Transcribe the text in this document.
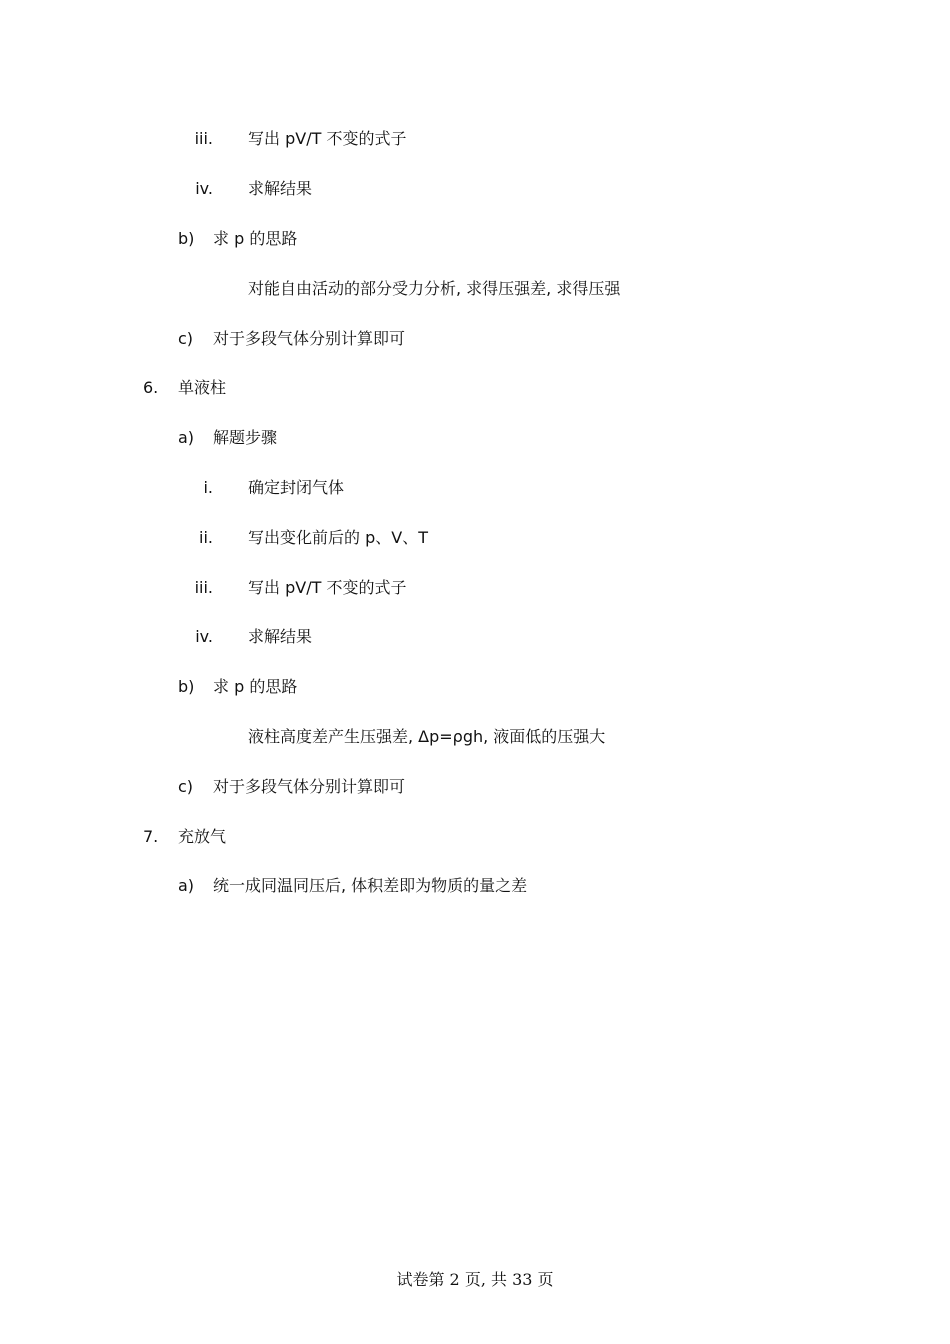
iii. 写出 pV/T 不变的式子
iv. 求解结果
b) 求 p 的思路
对能自由活动的部分受力分析, 求得压强差, 求得压强
c) 对于多段气体分别计算即可
6. 单液柱
a) 解题步骤
i. 确定封闭气体
ii. 写出变化前后的 p、V、T
iii. 写出 pV/T 不变的式子
iv. 求解结果
b) 求 p 的思路
液柱高度差产生压强差, Δp=ρgh, 液面低的压强大
c) 对于多段气体分别计算即可
7. 充放气
a) 统一成同温同压后, 体积差即为物质的量之差
试卷第 2 页, 共 33 页
